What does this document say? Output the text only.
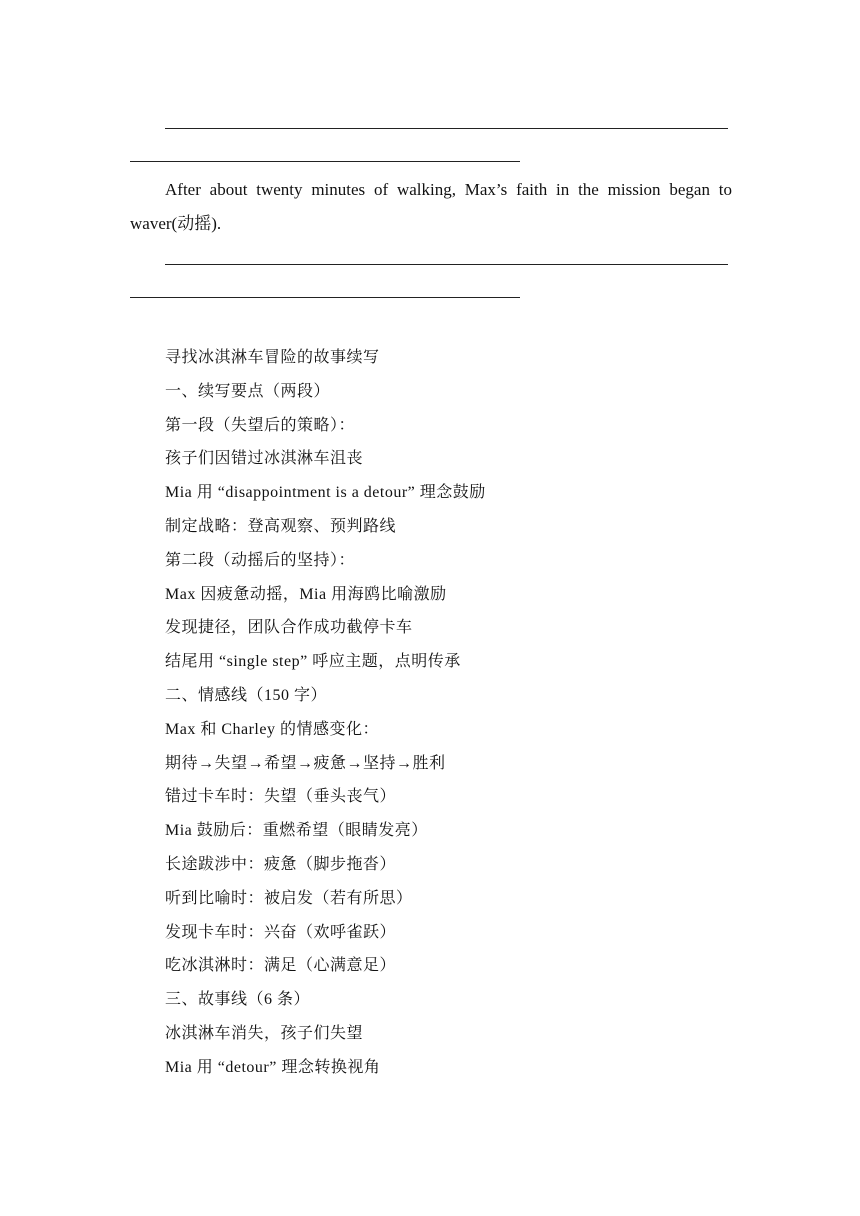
After about twenty minutes of walking, Max’s faith in the mission began to waver(动摇).

寻找冰淇淋车冒险的故事续写
一、续写要点（两段）
第一段（失望后的策略）：
孩子们因错过冰淇淋车沮丧
Mia 用 “disappointment is a detour” 理念鼓励
制定战略：登高观察、预判路线
第二段（动摇后的坚持）：
Max 因疲惫动摇，Mia 用海鸥比喻激励
发现捷径，团队合作成功截停卡车
结尾用 “single step” 呼应主题，点明传承
二、情感线（150 字）
Max 和 Charley 的情感变化：
期待→失望→希望→疲惫→坚持→胜利
错过卡车时：失望（垂头丧气）
Mia 鼓励后：重燃希望（眼睛发亮）
长途跋涉中：疲惫（脚步拖沓）
听到比喻时：被启发（若有所思）
发现卡车时：兴奋（欢呼雀跃）
吃冰淇淋时：满足（心满意足）
三、故事线（6 条）
冰淇淋车消失，孩子们失望
Mia 用 “detour” 理念转换视角
